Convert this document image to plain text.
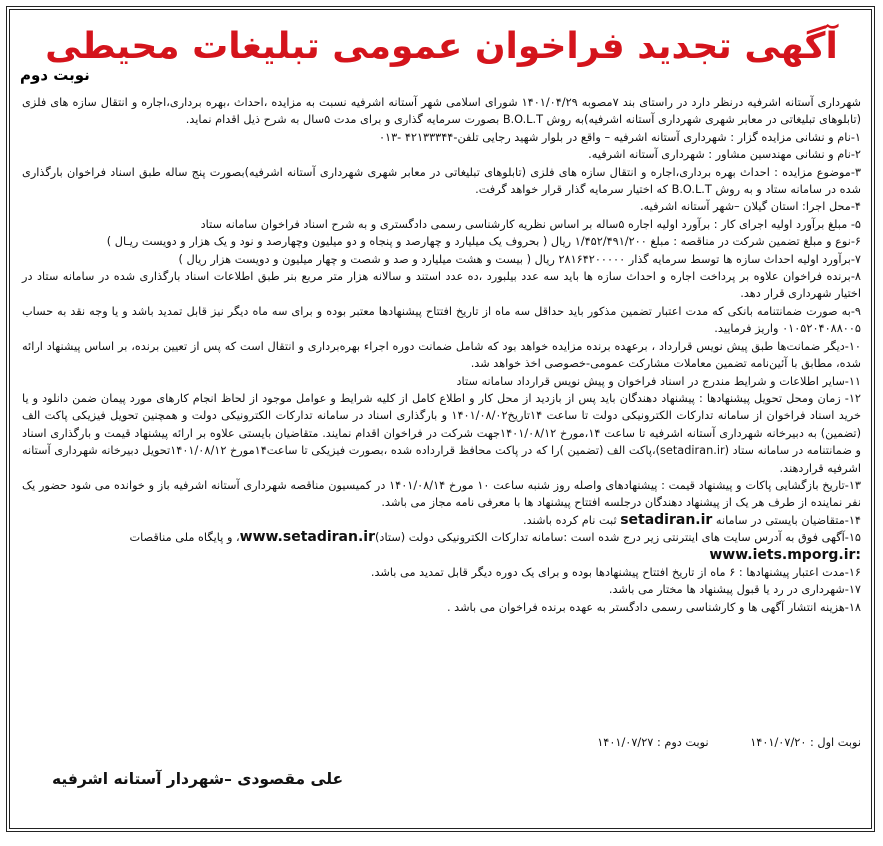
آگهی تجدید فراخوان عمومی تبلیغات محیطی
نوبت دوم

شهرداری آستانه اشرفیه درنظر دارد در راستای بند ۷مصوبه ۱۴۰۱/۰۴/۲۹ شورای اسلامی شهر آستانه اشرفیه نسبت به مزایده ،احداث ،بهره برداری،اجاره و انتقال سازه های فلزی (تابلوهای تبلیغاتی در معابر شهری شهرداری آستانه اشرفیه)به روش B.O.L.T بصورت سرمایه گذاری و برای مدت ۵سال به شرح ذیل اقدام نماید.

۱-نام و نشانی مزایده گزار : شهرداری آستانه اشرفیه – واقع در بلوار شهید رجایی تلفن-۴۲۱۳۳۳۴۴ -۰۱۳

۲-نام و نشانی مهندسین مشاور : شهرداری آستانه اشرفیه.

۳-موضوع مزایده : احداث بهره برداری،اجاره و انتقال سازه های فلزی (تابلوهای تبلیغاتی در معابر شهری شهرداری آستانه اشرفیه)بصورت پنج ساله طبق اسناد فراخوان بارگذاری شده در سامانه ستاد و به روش B.O.L.T که اختیار سرمایه گذار قرار خواهد گرفت.

۴-محل اجرا: استان گیلان –شهر آستانه اشرفیه.

۵- مبلغ برآورد اولیه اجرای کار : برآورد اولیه اجاره ۵ساله بر اساس نظریه کارشناسی رسمی دادگستری و به شرح اسناد فراخوان سامانه ستاد

۶-نوع و مبلغ تضمین شرکت در مناقصه : مبلغ ۱/۴۵۲/۴۹۱/۲۰۰ ریال ( بحروف یک میلیارد و چهارصد و پنجاه و دو میلیون وچهارصد و نود و یک هزار و دویست ریـال )

۷-برآورد اولیه احداث سازه ها توسط سرمایه گذار ۲۸۱۶۴۲۰۰۰۰۰ ریال ( بیست و هشت میلیارد و صد و شصت و چهار میلیون و دویست هزار ریال )

۸-برنده فراخوان علاوه بر پرداخت اجاره و احداث سازه ها باید سه عدد بیلبورد ،ده عدد استند و سالانه هزار متر مربع بنر طبق اطلاعات اسناد بارگذاری شده در سامانه ستاد در اختیار شهرداری قرار دهد.

۹-به صورت ضمانتنامه بانکی که مدت اعتبار تضمین مذکور باید حداقل سه ماه از تاریخ افتتاح پیشنهادها معتبر بوده و برای سه ماه دیگر نیز قابل تمدید باشد و یا وجه نقد به حساب ۰۱۰۵۲۰۴۰۸۸۰۰۵ واریز فرمایید.

۱۰-دیگر ضمانت‌ها طبق پیش نویس قرارداد ، برعهده برنده مزایده خواهد بود که شامل ضمانت دوره اجراء بهره‌برداری و انتقال است که پس از تعیین برنده، بر اساس پیشنهاد ارائه شده، مطابق با آئین‌نامه تضمین معاملات مشارکت عمومی-خصوصی اخذ خواهد شد.

۱۱-سایر اطلاعات و شرایط مندرج در اسناد فراخوان و پیش نویس قرارداد سامانه ستاد

۱۲- زمان ومحل تحویل پیشنهادها : پیشنهاد دهندگان باید پس از بازدید از محل کار و اطلاع کامل از کلیه شرایط و عوامل موجود از لحاظ انجام کارهای مورد پیمان ضمن دانلود و یا خرید اسناد فراخوان از سامانه تدارکات الکترونیکی دولت تا ساعت ۱۴تاریخ۱۴۰۱/۰۸/۰۲ و بارگذاری اسناد در سامانه تدارکات الکترونیکی دولت و همچنین تحویل فیزیکی پاکت الف (تضمین) به دبیرخانه شهرداری آستانه اشرفیه تا ساعت ۱۴،مورخ ۱۴۰۱/۰۸/۱۲جهت شرکت در فراخوان اقدام نمایند. متقاضیان بایستی علاوه بر ارائه پیشنهاد قیمت و بارگذاری اسناد و ضمانتنامه در سامانه ستاد (setadiran.ir)،پاکت الف (تضمین )را که در پاکت محافظ قرارداده شده ،بصورت فیزیکی تا ساعت۱۴مورخ ۱۴۰۱/۰۸/۱۲تحویل دبیرخانه شهرداری آستانه اشرفیه قراردهند.

۱۳-تاریخ بازگشایی پاکات و پیشنهاد قیمت : پیشنهادهای واصله روز شنبه ساعت ۱۰ مورخ ۱۴۰۱/۰۸/۱۴ در کمیسیون مناقصه شهرداری آستانه اشرفیه باز و خوانده می شود حضور یک نفر نماینده از طرف هر یک از پیشنهاد دهندگان درجلسه افتتاح پیشنهاد ها با معرفی نامه مجاز می باشد.

۱۴-متقاضیان بایستی در سامانه setadiran.ir ثبت نام کرده باشند.

۱۵-آگهی فوق به آدرس سایت های اینترنتی زیر درج شده است :سامانه تدارکات الکترونیکی دولت (ستاد)www.setadiran.ir، و پایگاه ملی مناقصات
www.iets.mporg.ir:

۱۶-مدت اعتبار پیشنهادها : ۶ ماه از تاریخ افتتاح پیشنهادها بوده و برای یک دوره دیگر قابل تمدید می باشد.

۱۷-شهرداری در رد یا قبول پیشنهاد ها مختار می باشد.

۱۸-هزینه انتشار آگهی ها و کارشناسی رسمی دادگستر به عهده برنده فراخوان می باشد .

نوبت اول : ۱۴۰۱/۰۷/۲۰ نوبت دوم : ۱۴۰۱/۰۷/۲۷
علی مقصودی –شهردار آستانه اشرفیه
